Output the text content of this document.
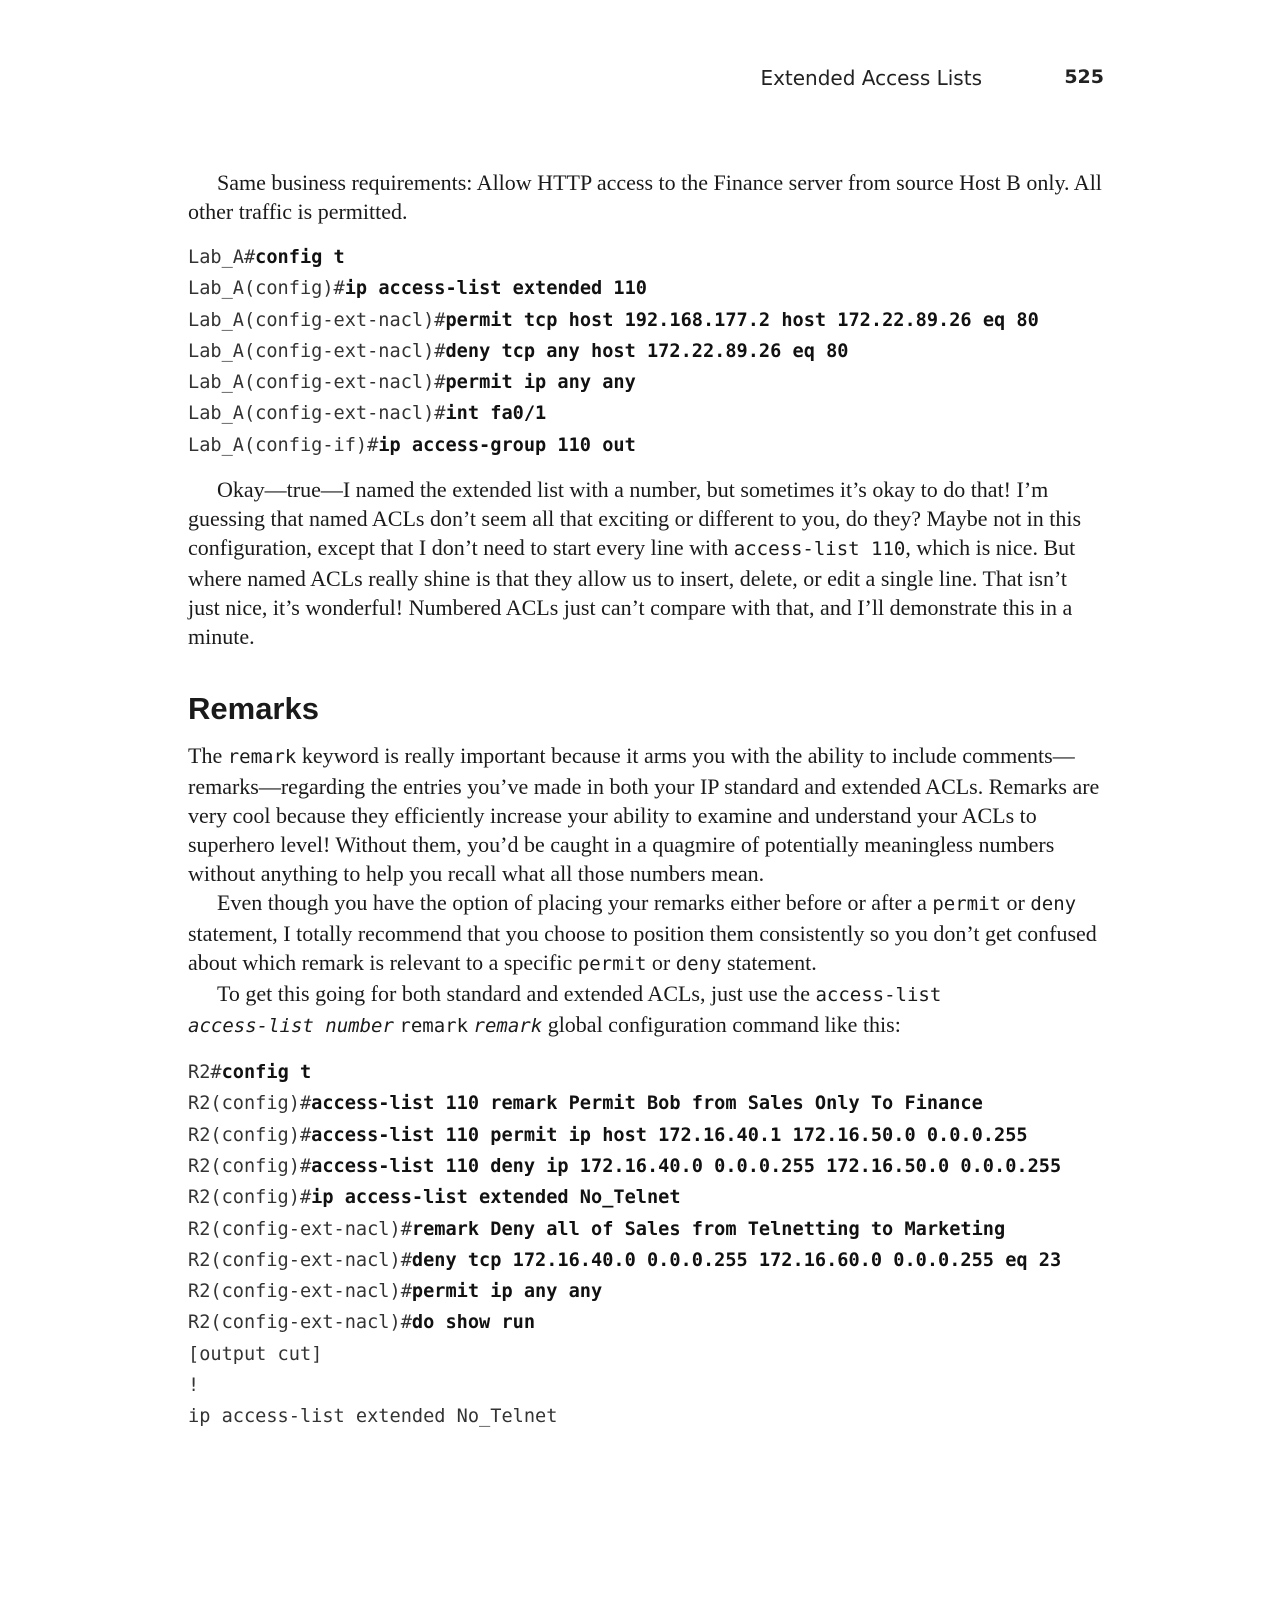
Extended Access Lists	525

Same business requirements: Allow HTTP access to the Finance server from source Host B only. All other traffic is permitted.

Lab_A#config t
Lab_A(config)#ip access-list extended 110
Lab_A(config-ext-nacl)#permit tcp host 192.168.177.2 host 172.22.89.26 eq 80
Lab_A(config-ext-nacl)#deny tcp any host 172.22.89.26 eq 80
Lab_A(config-ext-nacl)#permit ip any any
Lab_A(config-ext-nacl)#int fa0/1
Lab_A(config-if)#ip access-group 110 out

Okay—true—I named the extended list with a number, but sometimes it’s okay to do that! I’m guessing that named ACLs don’t seem all that exciting or different to you, do they? Maybe not in this configuration, except that I don’t need to start every line with access-list 110, which is nice. But where named ACLs really shine is that they allow us to insert, delete, or edit a single line. That isn’t just nice, it’s wonderful! Numbered ACLs just can’t compare with that, and I’ll demonstrate this in a minute.

Remarks

The remark keyword is really important because it arms you with the ability to include comments—remarks—regarding the entries you’ve made in both your IP standard and extended ACLs. Remarks are very cool because they efficiently increase your ability to examine and understand your ACLs to superhero level! Without them, you’d be caught in a quagmire of potentially meaningless numbers without anything to help you recall what all those numbers mean.

Even though you have the option of placing your remarks either before or after a permit or deny statement, I totally recommend that you choose to position them consistently so you don’t get confused about which remark is relevant to a specific permit or deny statement.

To get this going for both standard and extended ACLs, just use the access-list
access-list number remark remark global configuration command like this:

R2#config t
R2(config)#access-list 110 remark Permit Bob from Sales Only To Finance
R2(config)#access-list 110 permit ip host 172.16.40.1 172.16.50.0 0.0.0.255
R2(config)#access-list 110 deny ip 172.16.40.0 0.0.0.255 172.16.50.0 0.0.0.255
R2(config)#ip access-list extended No_Telnet
R2(config-ext-nacl)#remark Deny all of Sales from Telnetting to Marketing
R2(config-ext-nacl)#deny tcp 172.16.40.0 0.0.0.255 172.16.60.0 0.0.0.255 eq 23
R2(config-ext-nacl)#permit ip any any
R2(config-ext-nacl)#do show run
[output cut]
!
ip access-list extended No_Telnet
